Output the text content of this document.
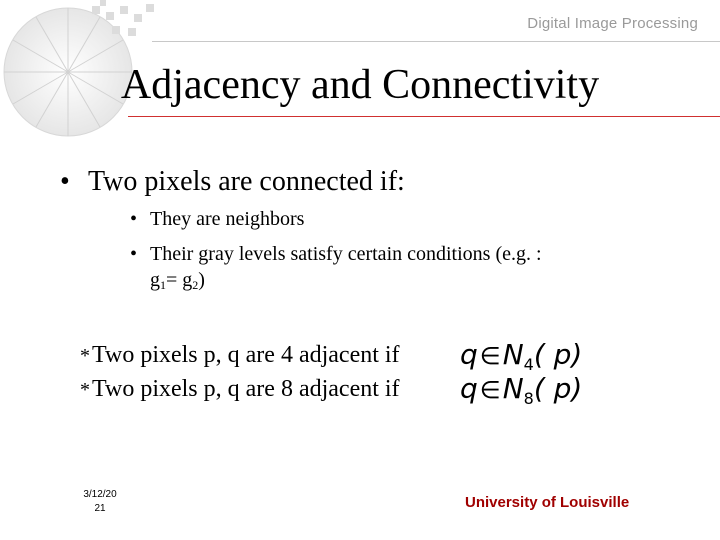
Digital Image Processing
Adjacency and Connectivity
• Two pixels are connected if:
• They are neighbors
• Their gray levels satisfy certain conditions (e.g. :
$g_1= g_2$)
*Two pixels p, q are 4 adjacent if $q\in N_4$( p)
*Two pixels p, q are 8 adjacent if $q\in N_8$( p)
3/12/20
21	University of Louisville
